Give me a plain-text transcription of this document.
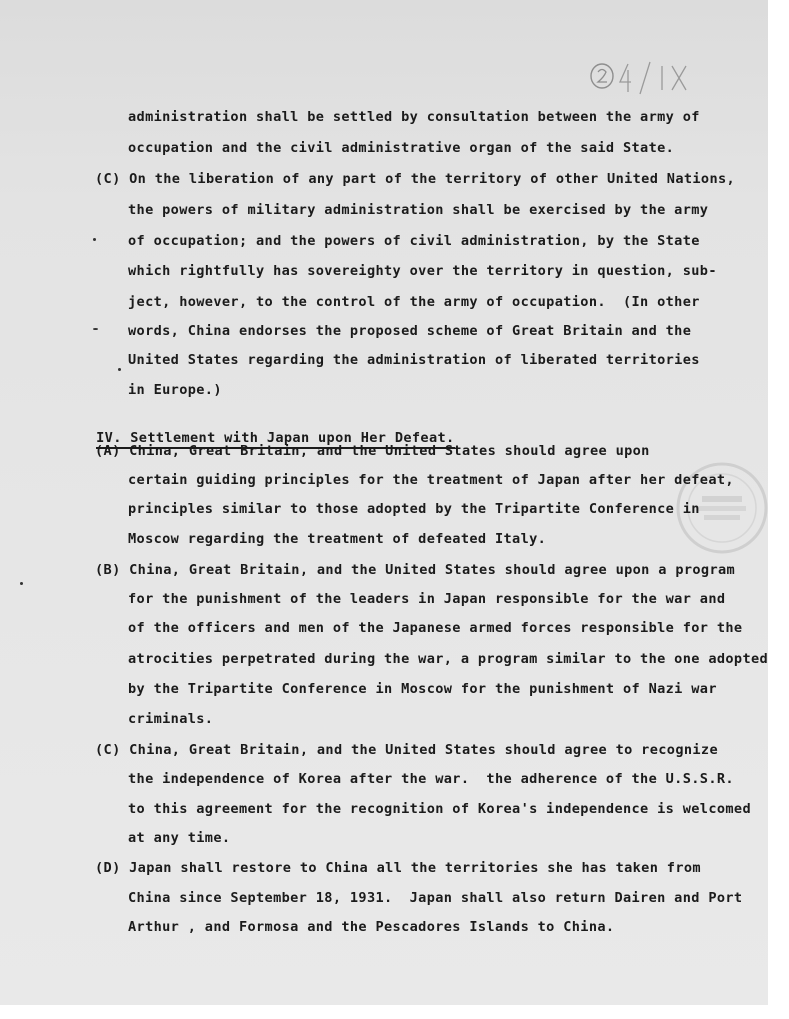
administration shall be settled by consultation between the army of
occupation and the civil administrative organ of the said State.
(C) On the liberation of any part of the territory of other United Nations,
the powers of military administration shall be exercised by the army
of occupation; and the powers of civil administration, by the State
which rightfully has sovereighty over the territory in question, sub-
ject, however, to the control of the army of occupation.  (In other
words, China endorses the proposed scheme of Great Britain and the
United States regarding the administration of liberated territories
in Europe.)

IV. Settlement with Japan upon Her Defeat.

(A) China, Great Britain, and the United States should agree upon
certain guiding principles for the treatment of Japan after her defeat,
principles similar to those adopted by the Tripartite Conference in
Moscow regarding the treatment of defeated Italy.
(B) China, Great Britain, and the United States should agree upon a program
for the punishment of the leaders in Japan responsible for the war and
of the officers and men of the Japanese armed forces responsible for the
atrocities perpetrated during the war, a program similar to the one adopted
by the Tripartite Conference in Moscow for the punishment of Nazi war
criminals.
(C) China, Great Britain, and the United States should agree to recognize
the independence of Korea after the war.  the adherence of the U.S.S.R.
to this agreement for the recognition of Korea's independence is welcomed
at any time.
(D) Japan shall restore to China all the territories she has taken from
China since September 18, 1931.  Japan shall also return Dairen and Port
Arthur , and Formosa and the Pescadores Islands to China.
